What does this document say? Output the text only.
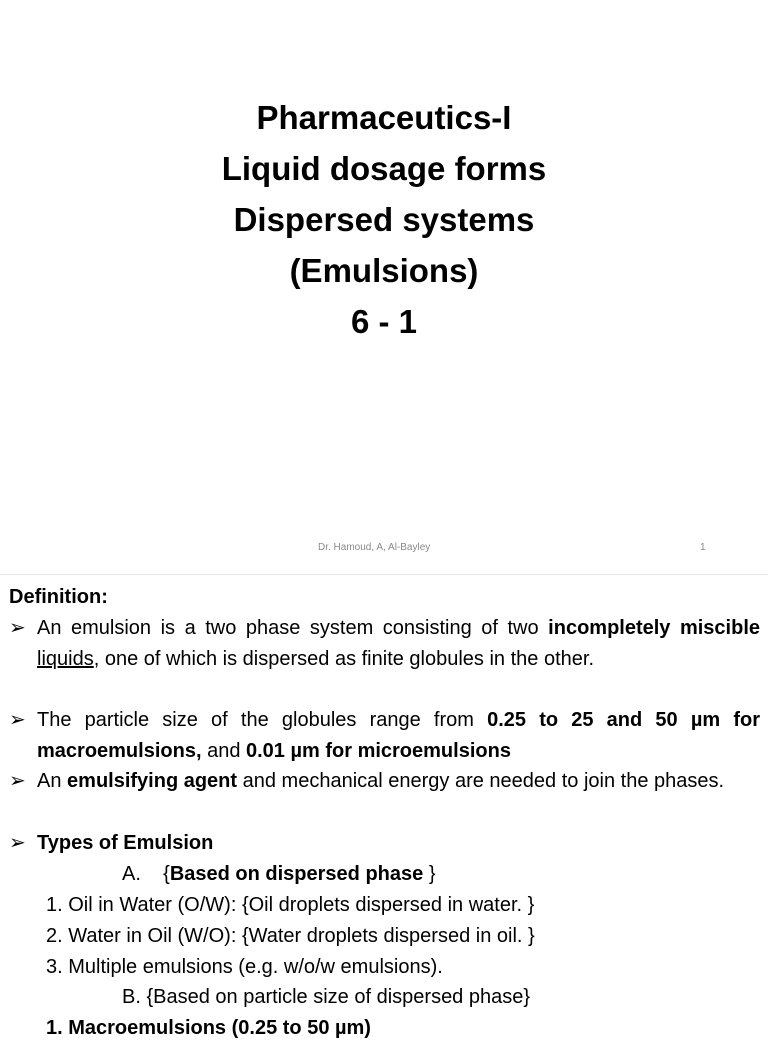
Pharmaceutics-I
Liquid dosage forms
Dispersed systems
(Emulsions)
6 - 1
Dr. Hamoud, A, Al-Bayley	1
Definition:
➢ An emulsion is a two phase system consisting of two incompletely miscible liquids, one of which is dispersed as finite globules in the other.
➢ The particle size of the globules range from 0.25 to 25 and 50 µm for macroemulsions, and 0.01 µm for microemulsions
➢ An emulsifying agent and mechanical energy are needed to join the phases.
➢ Types of Emulsion
A. {Based on dispersed phase }
1. Oil in Water (O/W): {Oil droplets dispersed in water. }
2. Water in Oil (W/O): {Water droplets dispersed in oil. }
3. Multiple emulsions (e.g. w/o/w emulsions).
B. {Based on particle size of dispersed phase}
1. Macroemulsions (0.25 to 50 µm)
